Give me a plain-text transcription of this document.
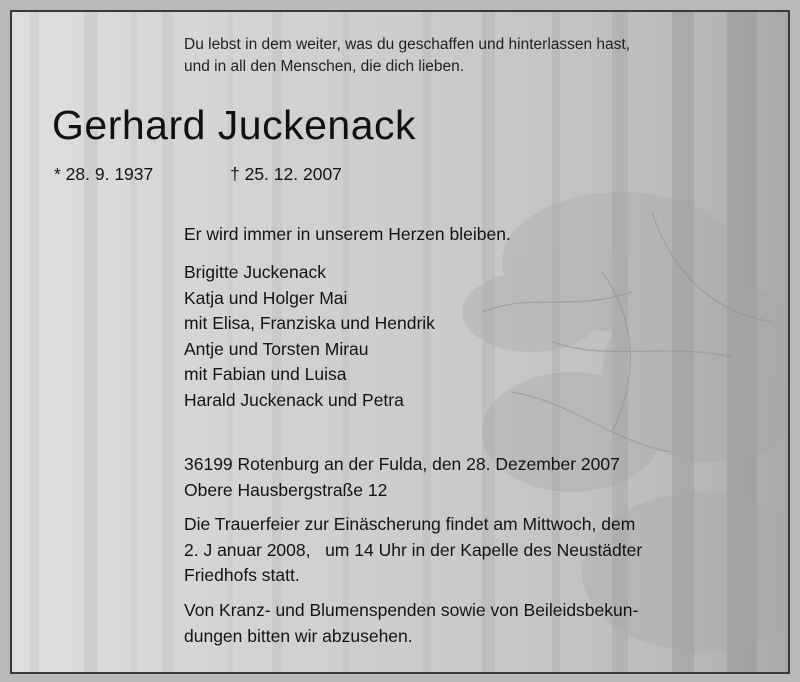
Du lebst in dem weiter, was du geschaffen und hinterlassen hast,
und in all den Menschen, die dich lieben.
Gerhard Juckenack
* 28. 9. 1937	† 25. 12. 2007
Er wird immer in unserem Herzen bleiben.
Brigitte Juckenack
Katja und Holger Mai
mit Elisa, Franziska und Hendrik
Antje und Torsten Mirau
mit Fabian und Luisa
Harald Juckenack und Petra
36199 Rotenburg an der Fulda, den 28. Dezember 2007
Obere Hausbergstraße 12
Die Trauerfeier zur Einäscherung findet am Mittwoch, dem
2. J anuar 2008,   um 14 Uhr in der Kapelle des Neustädter
Friedhofs statt.
Von Kranz- und Blumenspenden sowie von Beileidsbekun-
dungen bitten wir abzusehen.
